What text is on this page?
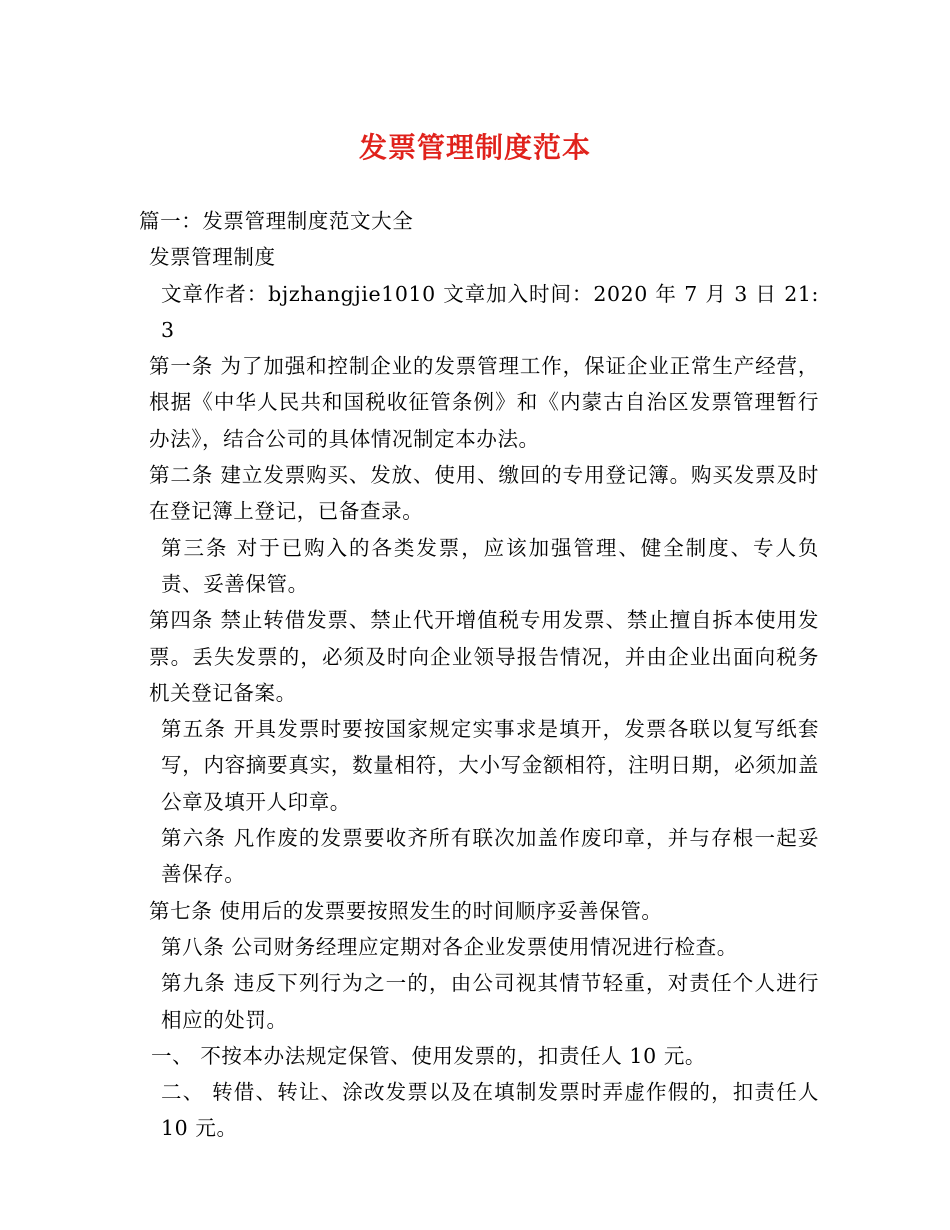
发票管理制度范本

篇一：发票管理制度范文大全

发票管理制度

文章作者：bjzhangjie1010 文章加入时间：2020 年 7 月 3 日 21:3

第一条 为了加强和控制企业的发票管理工作，保证企业正常生产经营，根据《中华人民共和国税收征管条例》和《内蒙古自治区发票管理暂行办法》，结合公司的具体情况制定本办法。

第二条 建立发票购买、发放、使用、缴回的专用登记簿。购买发票及时在登记簿上登记，已备查录。

第三条 对于已购入的各类发票，应该加强管理、健全制度、专人负责、妥善保管。

第四条 禁止转借发票、禁止代开增值税专用发票、禁止擅自拆本使用发票。丢失发票的，必须及时向企业领导报告情况，并由企业出面向税务机关登记备案。

第五条 开具发票时要按国家规定实事求是填开，发票各联以复写纸套写，内容摘要真实，数量相符，大小写金额相符，注明日期，必须加盖公章及填开人印章。

第六条 凡作废的发票要收齐所有联次加盖作废印章，并与存根一起妥善保存。

第七条 使用后的发票要按照发生的时间顺序妥善保管。

第八条 公司财务经理应定期对各企业发票使用情况进行检查。

第九条 违反下列行为之一的，由公司视其情节轻重，对责任个人进行相应的处罚。

一、 不按本办法规定保管、使用发票的，扣责任人 10 元。

二、 转借、转让、涂改发票以及在填制发票时弄虚作假的，扣责任人 10 元。
